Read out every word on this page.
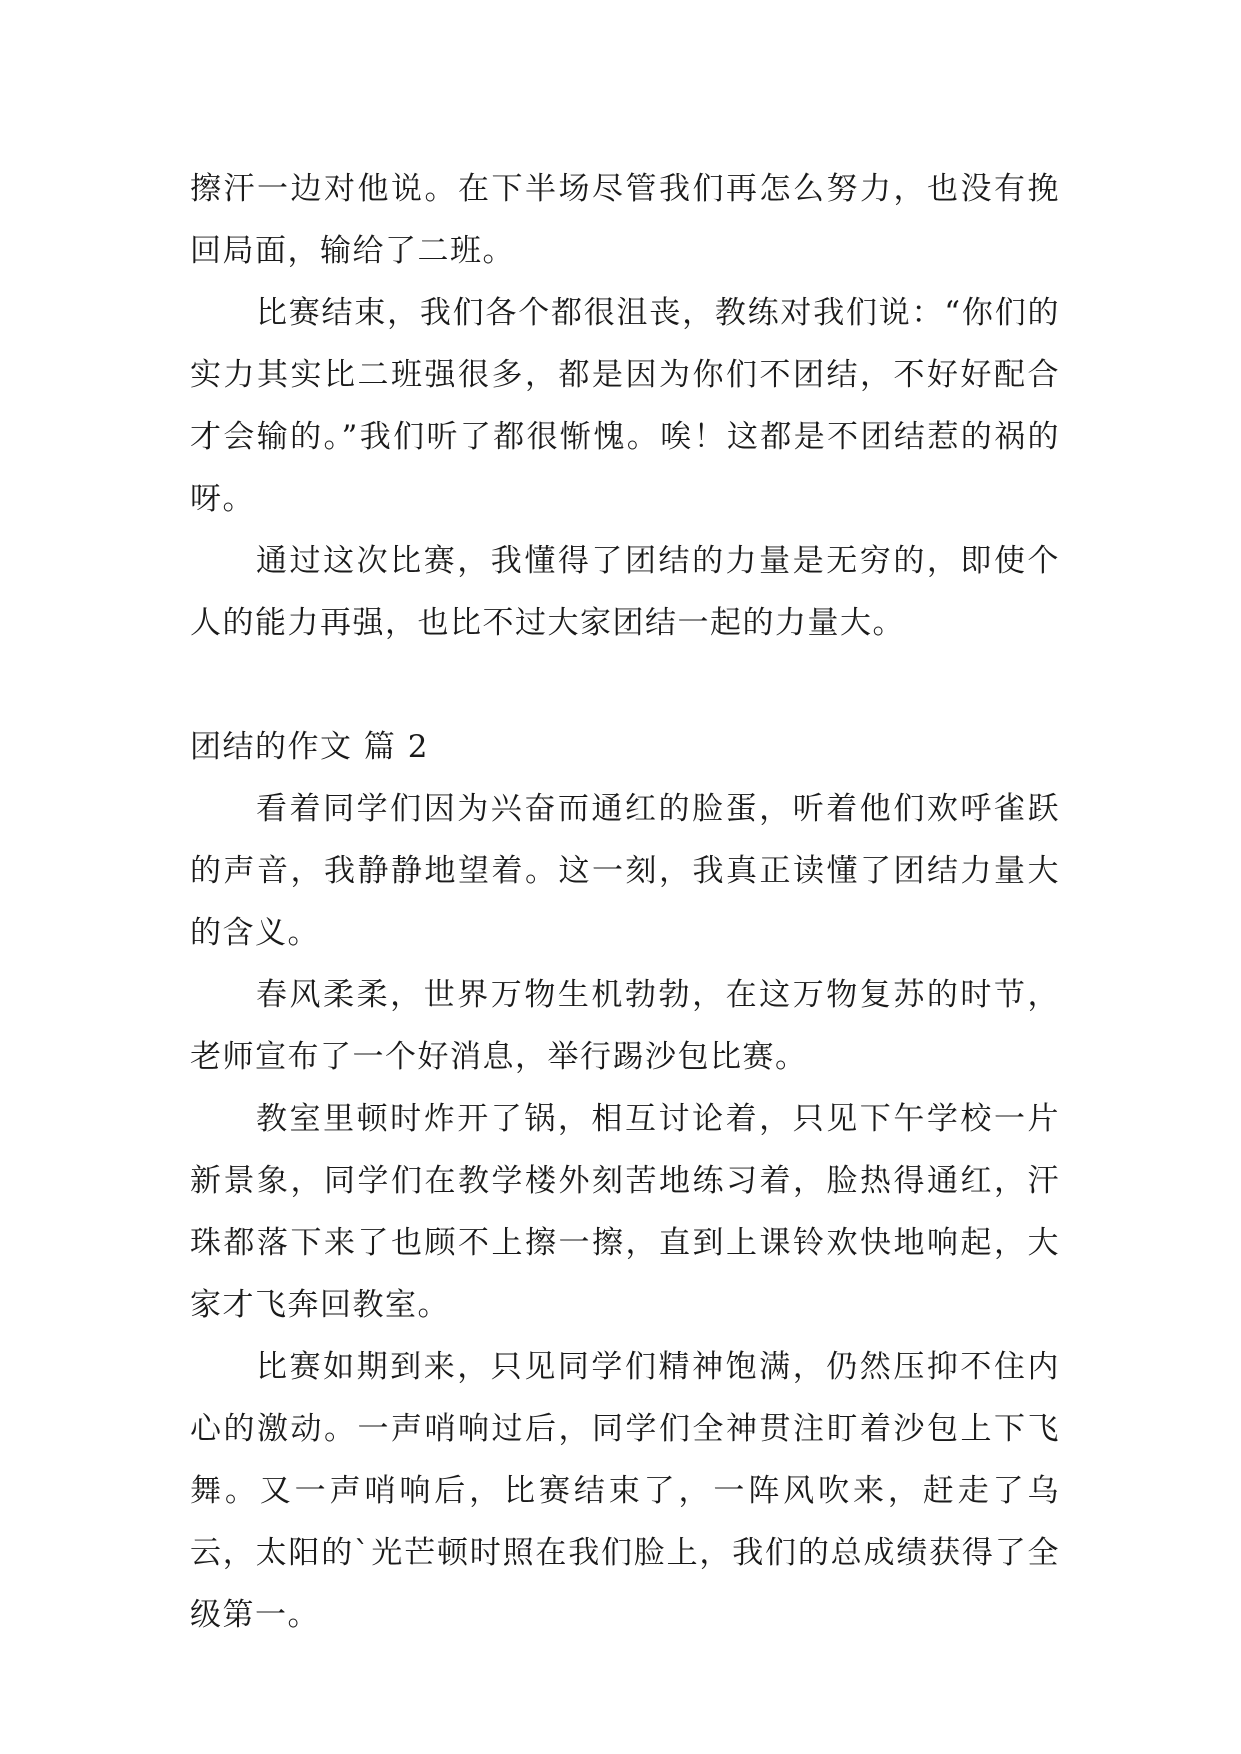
擦汗一边对他说。在下半场尽管我们再怎么努力，也没有挽回局面，输给了二班。

比赛结束，我们各个都很沮丧，教练对我们说：“你们的实力其实比二班强很多，都是因为你们不团结，不好好配合才会输的。”我们听了都很惭愧。唉！这都是不团结惹的祸的呀。

通过这次比赛，我懂得了团结的力量是无穷的，即使个人的能力再强，也比不过大家团结一起的力量大。

团结的作文 篇 2

看着同学们因为兴奋而通红的脸蛋，听着他们欢呼雀跃的声音，我静静地望着。这一刻，我真正读懂了团结力量大的含义。

春风柔柔，世界万物生机勃勃，在这万物复苏的时节，老师宣布了一个好消息，举行踢沙包比赛。

教室里顿时炸开了锅，相互讨论着，只见下午学校一片新景象，同学们在教学楼外刻苦地练习着，脸热得通红，汗珠都落下来了也顾不上擦一擦，直到上课铃欢快地响起，大家才飞奔回教室。

比赛如期到来，只见同学们精神饱满，仍然压抑不住内心的激动。一声哨响过后，同学们全神贯注盯着沙包上下飞舞。又一声哨响后，比赛结束了，一阵风吹来，赶走了乌云，太阳的`光芒顿时照在我们脸上，我们的总成绩获得了全级第一。
